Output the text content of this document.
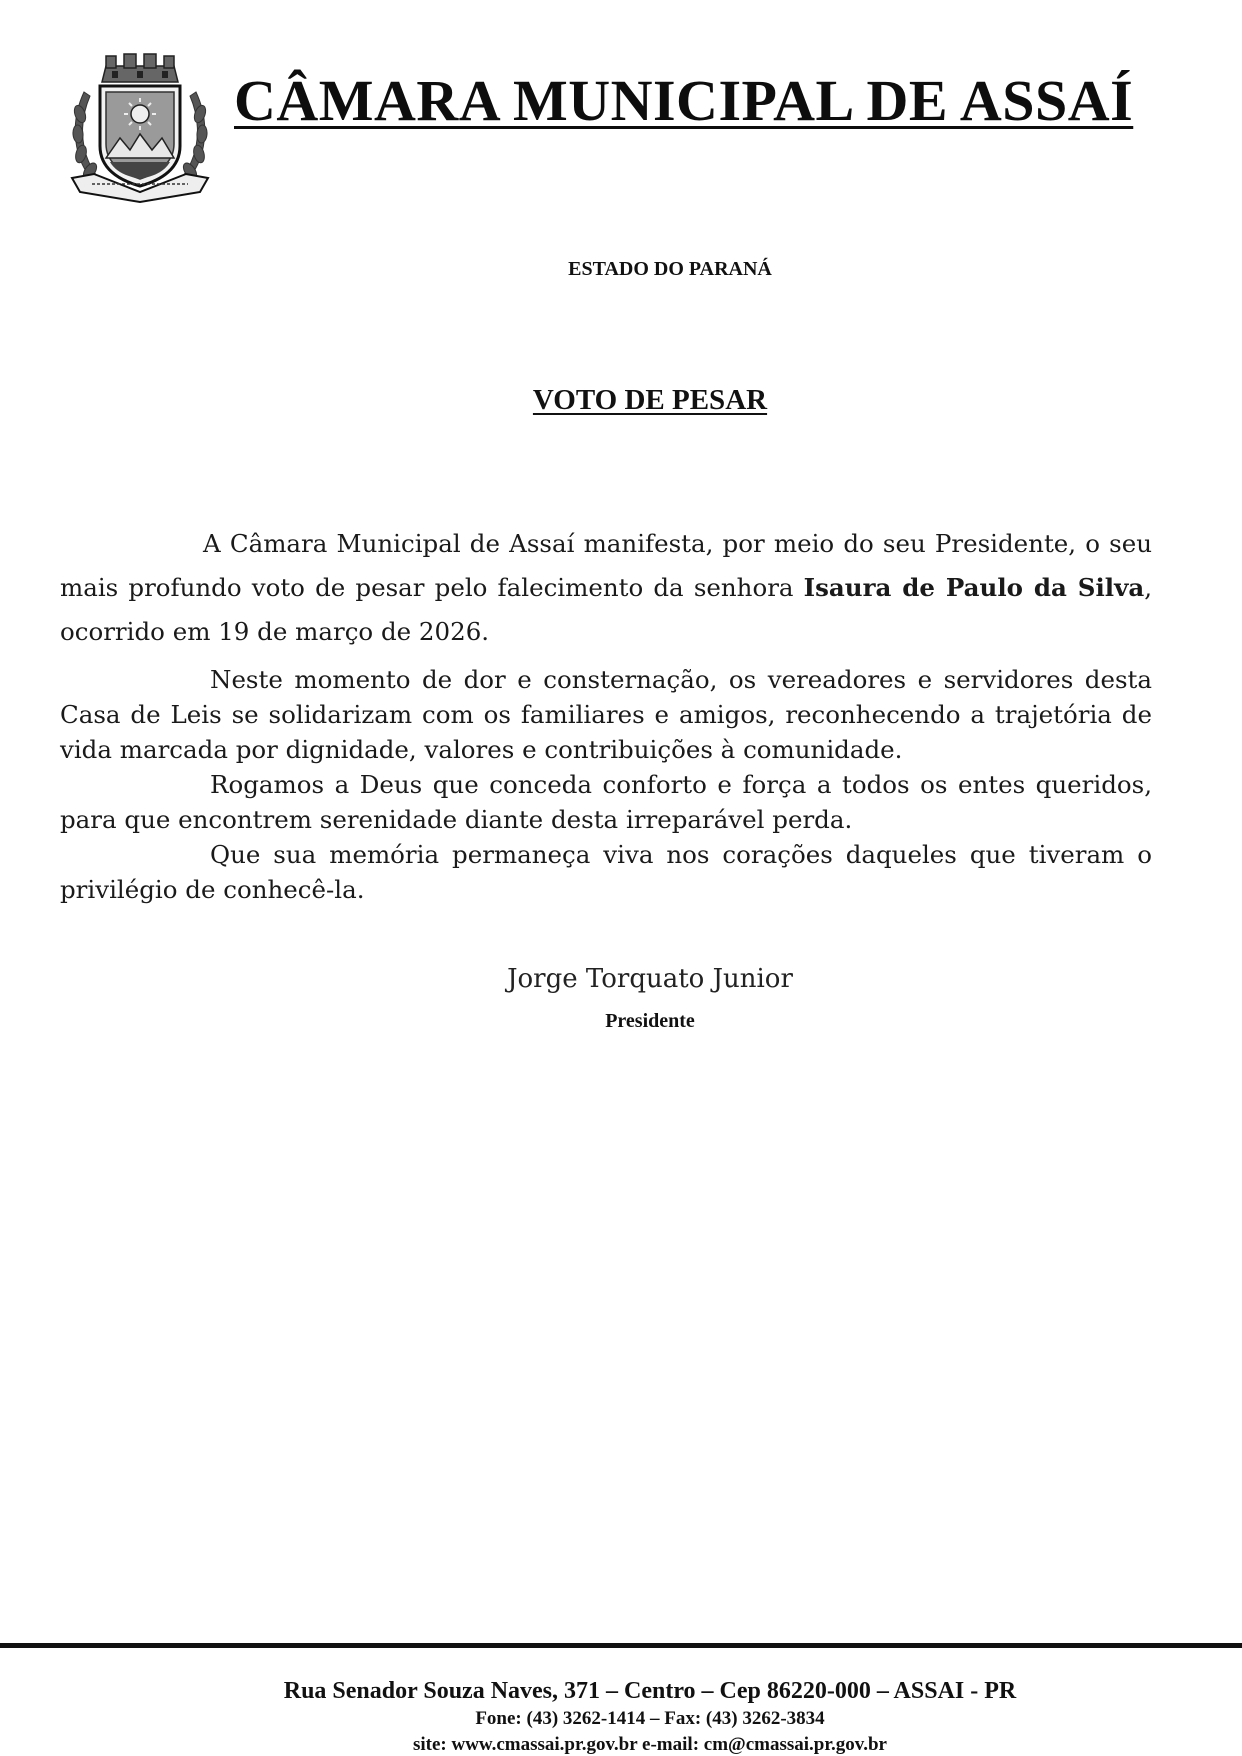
CÂMARA MUNICIPAL DE ASSAÍ
ESTADO DO PARANÁ
VOTO DE PESAR

A Câmara Municipal de Assaí manifesta, por meio do seu Presidente, o seu mais profundo voto de pesar pelo falecimento da senhora Isaura de Paulo da Silva, ocorrido em 19 de março de 2026.

Neste momento de dor e consternação, os vereadores e servidores desta Casa de Leis se solidarizam com os familiares e amigos, reconhecendo a trajetória de vida marcada por dignidade, valores e contribuições à comunidade.

Rogamos a Deus que conceda conforto e força a todos os entes queridos, para que encontrem serenidade diante desta irreparável perda.

Que sua memória permaneça viva nos corações daqueles que tiveram o privilégio de conhecê-la.

Jorge Torquato Junior
Presidente
Rua Senador Souza Naves, 371 – Centro – Cep 86220-000 – ASSAI - PR
Fone: (43) 3262-1414 – Fax: (43) 3262-3834
site: www.cmassai.pr.gov.br e-mail: cm@cmassai.pr.gov.br
